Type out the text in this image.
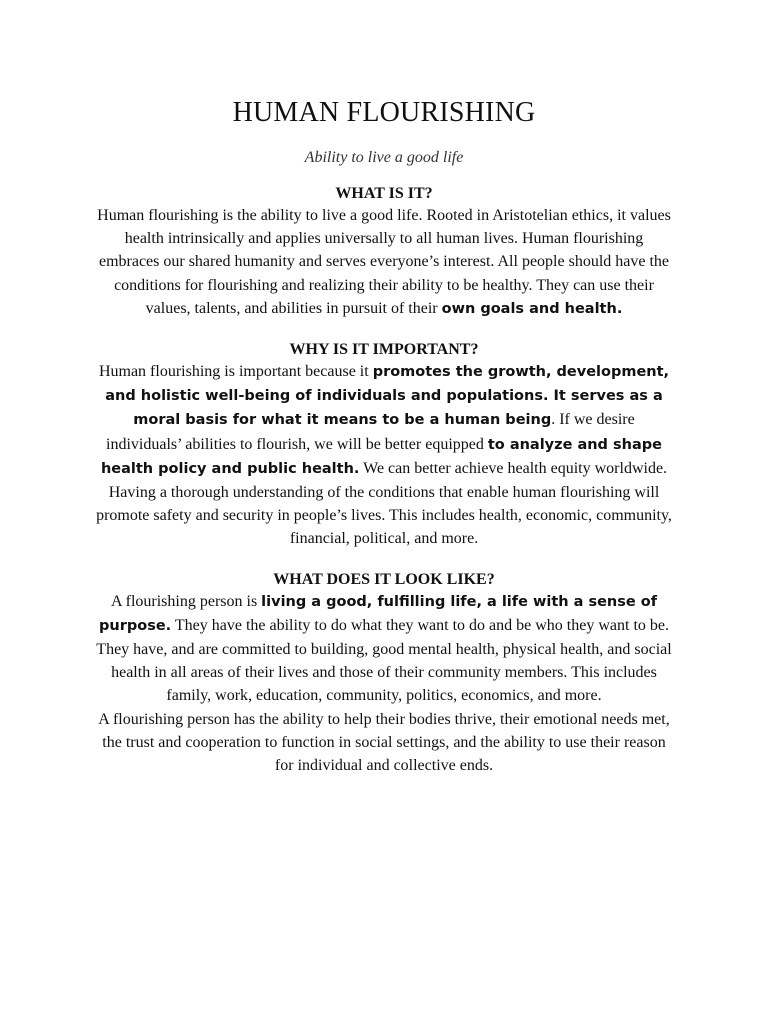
HUMAN FLOURISHING
Ability to live a good life
WHAT IS IT?

Human flourishing is the ability to live a good life. Rooted in Aristotelian ethics, it values health intrinsically and applies universally to all human lives. Human flourishing embraces our shared humanity and serves everyone’s interest. All people should have the conditions for flourishing and realizing their ability to be healthy. They can use their values, talents, and abilities in pursuit of their own goals and health.

WHY IS IT IMPORTANT?

Human flourishing is important because it promotes the growth, development, and holistic well-being of individuals and populations. It serves as a moral basis for what it means to be a human being. If we desire individuals’ abilities to flourish, we will be better equipped to analyze and shape health policy and public health. We can better achieve health equity worldwide.

Having a thorough understanding of the conditions that enable human flourishing will promote safety and security in people’s lives. This includes health, economic, community, financial, political, and more.

WHAT DOES IT LOOK LIKE?

A flourishing person is living a good, fulfilling life, a life with a sense of purpose. They have the ability to do what they want to do and be who they want to be. They have, and are committed to building, good mental health, physical health, and social health in all areas of their lives and those of their community members. This includes family, work, education, community, politics, economics, and more.

A flourishing person has the ability to help their bodies thrive, their emotional needs met, the trust and cooperation to function in social settings, and the ability to use their reason for individual and collective ends.
